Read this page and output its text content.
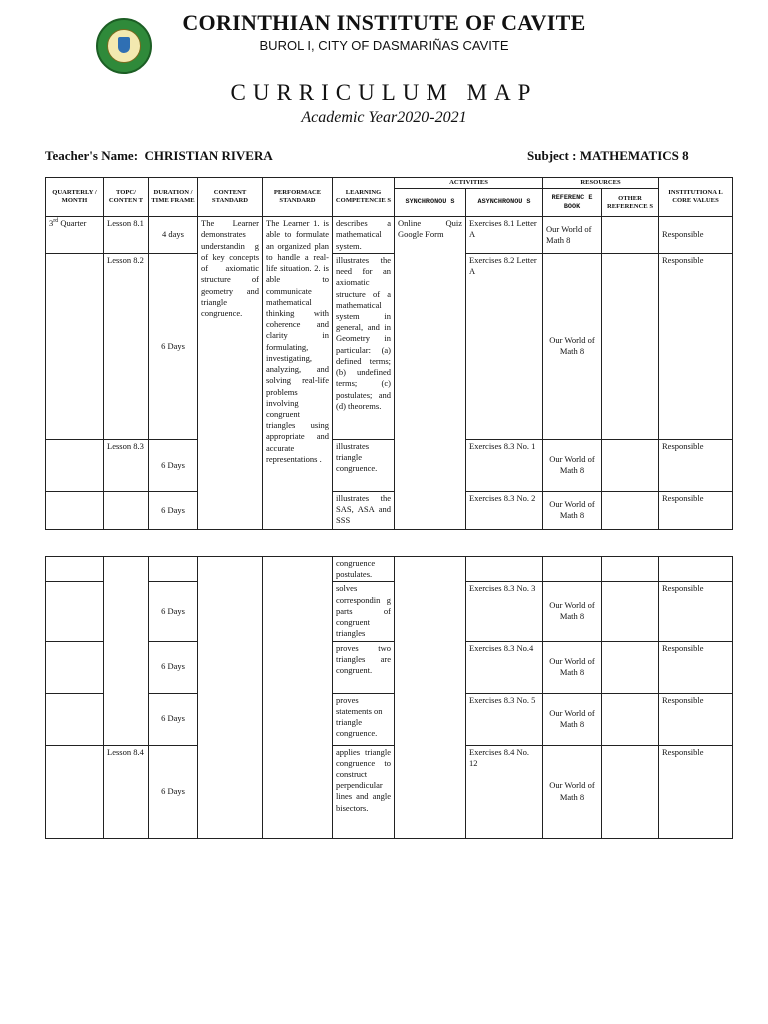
CORINTHIAN INSTITUTE OF CAVITE
BUROL I, CITY OF DASMARIÑAS CAVITE
CURRICULUM MAP
Academic Year2020-2021
Teacher's Name: CHRISTIAN RIVERA	Subject : MATHEMATICS 8
QUARTERLY / MONTH	TOPC/ CONTEN T	DURATION / TIME FRAME	CONTENT STANDARD	PERFORMACE STANDARD	LEARNING COMPETENCIE S	ACTIVITIES		RESOURCES		INSTITUTIONA L CORE VALUES
						SYNCHRONOU S	ASYNCHRONOU S	REFERENC E BOOK	OTHER REFERENCE S	
3rd Quarter	Lesson 8.1	4 days	The Learner demonstrates understandin g of key concepts of axiomatic structure of geometry and triangle congruence.	The Learner 1. is able to formulate an organized plan to handle a real-life situation. 2. is able to communicate mathematical thinking with coherence and clarity in formulating, investigating, analyzing, and solving real-life problems involving congruent triangles using appropriate and accurate representations .	describes a mathematical system.	Online Quiz Google Form	Exercises 8.1 Letter A	Our World of Math 8		Responsible
	Lesson 8.2	6 Days			illustrates the need for an axiomatic structure of a mathematical system in general, and in Geometry in particular: (a) defined terms; (b) undefined terms; (c) postulates; and (d) theorems.		Exercises 8.2 Letter A	Our World of Math 8		Responsible
	Lesson 8.3	6 Days			illustrates triangle congruence.		Exercises 8.3 No. 1	Our World of Math 8		Responsible
		6 Days			illustrates the SAS, ASA and SSS		Exercises 8.3 No. 2	Our World of Math 8		Responsible
					congruence postulates.					
		6 Days			solves correspondin g parts of congruent triangles		Exercises 8.3 No. 3	Our World of Math 8		Responsible
		6 Days			proves two triangles are congruent.		Exercises 8.3 No.4	Our World of Math 8		Responsible
		6 Days			proves statements on triangle congruence.		Exercises 8.3 No. 5	Our World of Math 8		Responsible
	Lesson 8.4	6 Days			applies triangle congruence to construct perpendicular lines and angle bisectors.		Exercises 8.4 No. 12	Our World of Math 8		Responsible
